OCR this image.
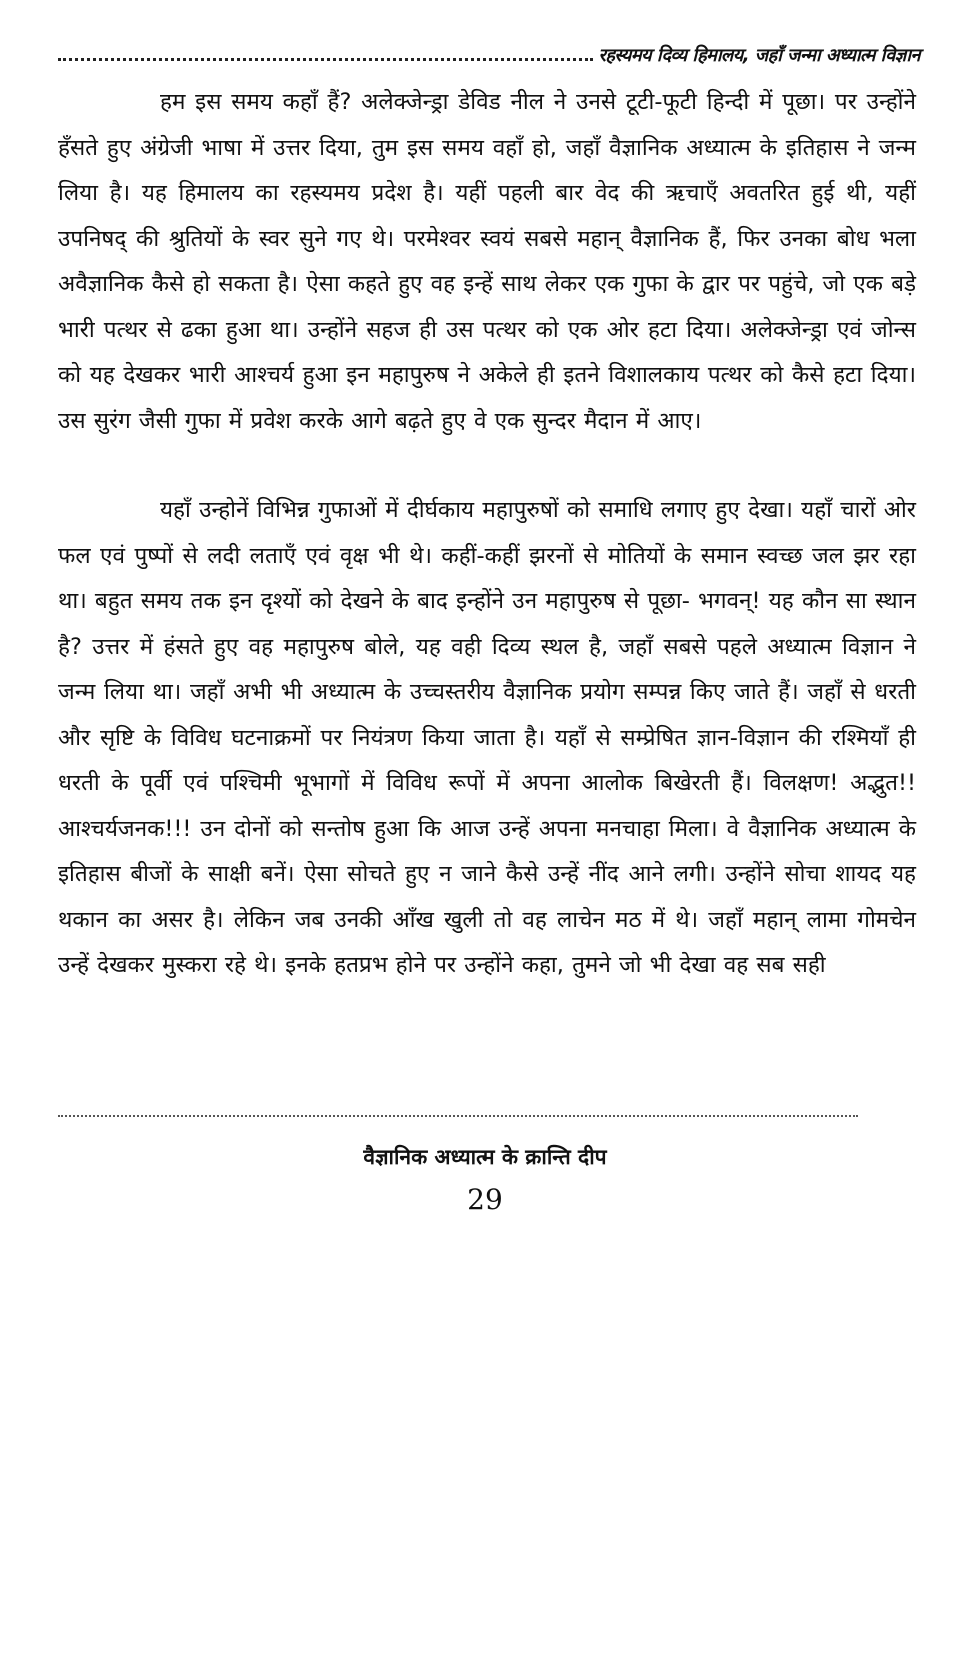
रहस्यमय दिव्य हिमालय, जहाँ जन्मा अध्यात्म विज्ञान

हम इस समय कहाँ हैं? अलेक्जेन्ड्रा डेविड नील ने उनसे टूटी-फूटी हिन्दी में पूछा। पर उन्होंने हँसते हुए अंग्रेजी भाषा में उत्तर दिया, तुम इस समय वहाँ हो, जहाँ वैज्ञानिक अध्यात्म के इतिहास ने जन्म लिया है। यह हिमालय का रहस्यमय प्रदेश है। यहीं पहली बार वेद की ऋचाएँ अवतरित हुई थी, यहीं उपनिषद् की श्रुतियों के स्वर सुने गए थे। परमेश्वर स्वयं सबसे महान् वैज्ञानिक हैं, फिर उनका बोध भला अवैज्ञानिक कैसे हो सकता है। ऐसा कहते हुए वह इन्हें साथ लेकर एक गुफा के द्वार पर पहुंचे, जो एक बड़े भारी पत्थर से ढका हुआ था। उन्होंने सहज ही उस पत्थर को एक ओर हटा दिया। अलेक्जेन्ड्रा एवं जोन्स को यह देखकर भारी आश्चर्य हुआ इन महापुरुष ने अकेले ही इतने विशालकाय पत्थर को कैसे हटा दिया। उस सुरंग जैसी गुफा में प्रवेश करके आगे बढ़ते हुए वे एक सुन्दर मैदान में आए।

यहाँ उन्होनें विभिन्न गुफाओं में दीर्घकाय महापुरुषों को समाधि लगाए हुए देखा। यहाँ चारों ओर फल एवं पुष्पों से लदी लताएँ एवं वृक्ष भी थे। कहीं-कहीं झरनों से मोतियों के समान स्वच्छ जल झर रहा था। बहुत समय तक इन दृश्यों को देखने के बाद इन्होंने उन महापुरुष से पूछा- भगवन्! यह कौन सा स्थान है? उत्तर में हंसते हुए वह महापुरुष बोले, यह वही दिव्य स्थल है, जहाँ सबसे पहले अध्यात्म विज्ञान ने जन्म लिया था। जहाँ अभी भी अध्यात्म के उच्चस्तरीय वैज्ञानिक प्रयोग सम्पन्न किए जाते हैं। जहाँ से धरती और सृष्टि के विविध घटनाक्रमों पर नियंत्रण किया जाता है। यहाँ से सम्प्रेषित ज्ञान-विज्ञान की रश्मियाँ ही धरती के पूर्वी एवं पश्चिमी भूभागों में विविध रूपों में अपना आलोक बिखेरती हैं। विलक्षण! अद्भुत!! आश्चर्यजनक!!! उन दोनों को सन्तोष हुआ कि आज उन्हें अपना मनचाहा मिला। वे वैज्ञानिक अध्यात्म के इतिहास बीजों के साक्षी बनें। ऐसा सोचते हुए न जाने कैसे उन्हें नींद आने लगी। उन्होंने सोचा शायद यह थकान का असर है। लेकिन जब उनकी आँख खुली तो वह लाचेन मठ में थे। जहाँ महान् लामा गोमचेन उन्हें देखकर मुस्करा रहे थे। इनके हतप्रभ होने पर उन्होंने कहा, तुमने जो भी देखा वह सब सही

वैज्ञानिक अध्यात्म के क्रान्ति दीप
29
